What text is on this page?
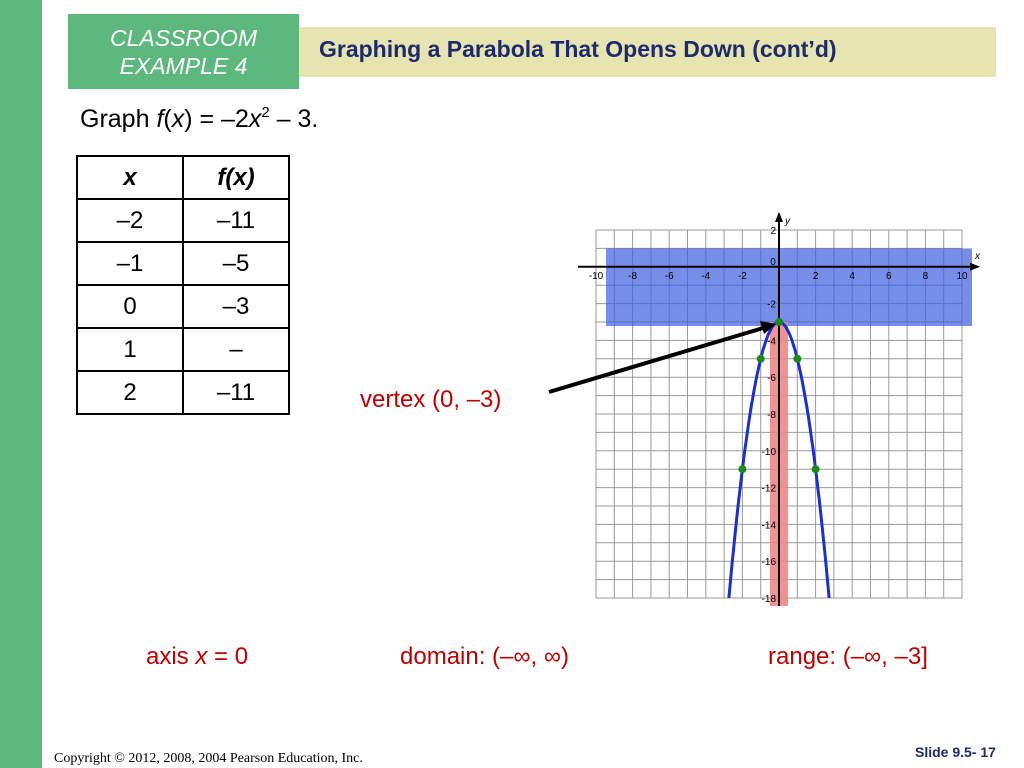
CLASSROOM
EXAMPLE 4
Graphing a Parabola That Opens Down (cont’d)
Graph $f(x) = -2x^2 - 3$.
x	f(x)
–2	–11
–1	–5
0	–3
1	–
2	–11
x
y
-10 -8	-6	-4	-2
0
2	4	6	8	10
2
-2
-4
-6
-8
-10
-12
-14
-16
-18
vertex (0, –3)
axis x = 0	domain: (–∞, ∞)	range: (–∞, –3]
Copyright © 2012, 2008, 2004 Pearson Education, Inc.	Slide 9.5- 17
